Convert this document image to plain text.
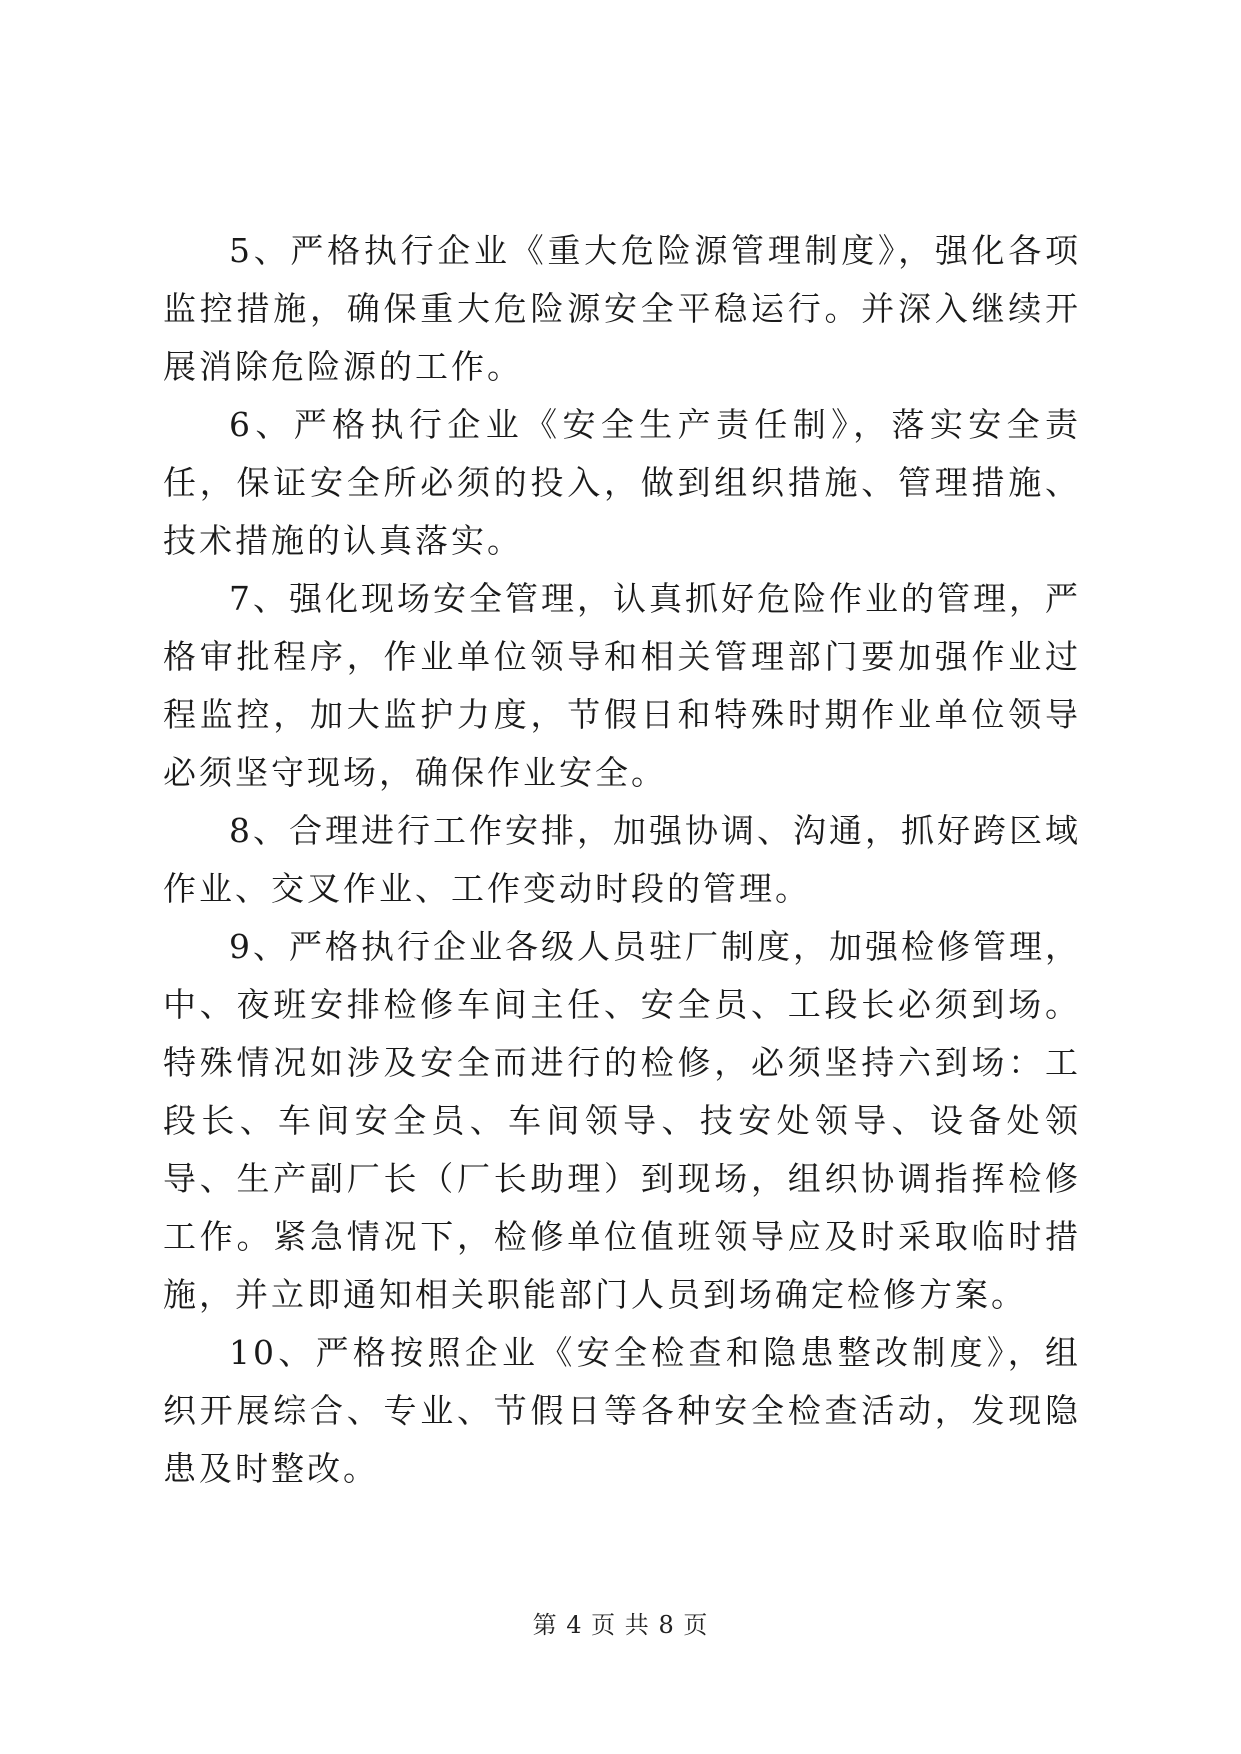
5、严格执行企业《重大危险源管理制度》，强化各项监控措施，确保重大危险源安全平稳运行。并深入继续开展消除危险源的工作。

6、严格执行企业《安全生产责任制》，落实安全责任，保证安全所必须的投入，做到组织措施、管理措施、技术措施的认真落实。

7、强化现场安全管理，认真抓好危险作业的管理，严格审批程序，作业单位领导和相关管理部门要加强作业过程监控，加大监护力度，节假日和特殊时期作业单位领导必须坚守现场，确保作业安全。

8、合理进行工作安排，加强协调、沟通，抓好跨区域作业、交叉作业、工作变动时段的管理。

9、严格执行企业各级人员驻厂制度，加强检修管理，中、夜班安排检修车间主任、安全员、工段长必须到场。特殊情况如涉及安全而进行的检修，必须坚持六到场：工段长、车间安全员、车间领导、技安处领导、设备处领导、生产副厂长（厂长助理）到现场，组织协调指挥检修工作。紧急情况下，检修单位值班领导应及时采取临时措施，并立即通知相关职能部门人员到场确定检修方案。

10、严格按照企业《安全检查和隐患整改制度》，组织开展综合、专业、节假日等各种安全检查活动，发现隐患及时整改。

第 4 页 共 8 页
